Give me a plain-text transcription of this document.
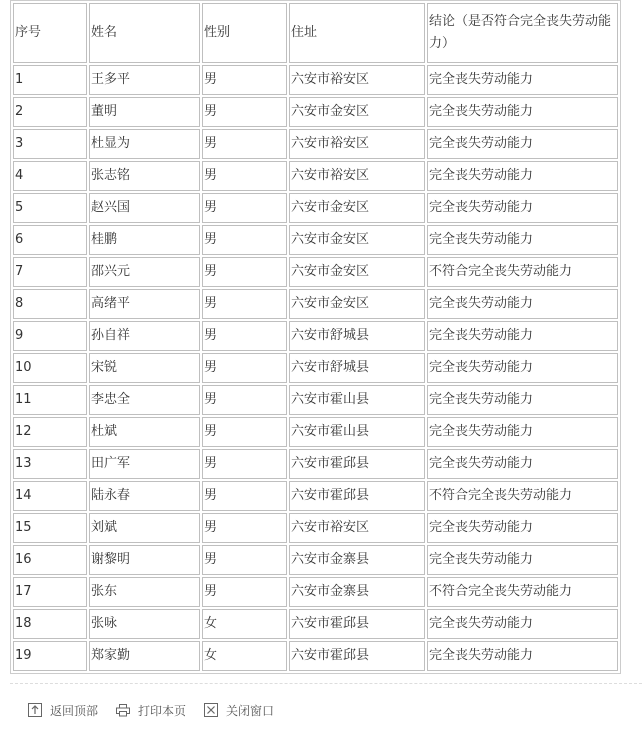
序号	姓名	性别	住址	结论（是否符合完全丧失劳动能力）
1	王多平	男	六安市裕安区	完全丧失劳动能力
2	董明	男	六安市金安区	完全丧失劳动能力
3	杜显为	男	六安市裕安区	完全丧失劳动能力
4	张志铭	男	六安市裕安区	完全丧失劳动能力
5	赵兴国	男	六安市金安区	完全丧失劳动能力
6	桂鹏	男	六安市金安区	完全丧失劳动能力
7	邵兴元	男	六安市金安区	不符合完全丧失劳动能力
8	高绪平	男	六安市金安区	完全丧失劳动能力
9	孙自祥	男	六安市舒城县	完全丧失劳动能力
10	宋锐	男	六安市舒城县	完全丧失劳动能力
11	李忠全	男	六安市霍山县	完全丧失劳动能力
12	杜斌	男	六安市霍山县	完全丧失劳动能力
13	田广军	男	六安市霍邱县	完全丧失劳动能力
14	陆永春	男	六安市霍邱县	不符合完全丧失劳动能力
15	刘斌	男	六安市裕安区	完全丧失劳动能力
16	谢黎明	男	六安市金寨县	完全丧失劳动能力
17	张东	男	六安市金寨县	不符合完全丧失劳动能力
18	张咏	女	六安市霍邱县	完全丧失劳动能力
19	郑家勤	女	六安市霍邱县	完全丧失劳动能力
返回顶部	打印本页	关闭窗口
